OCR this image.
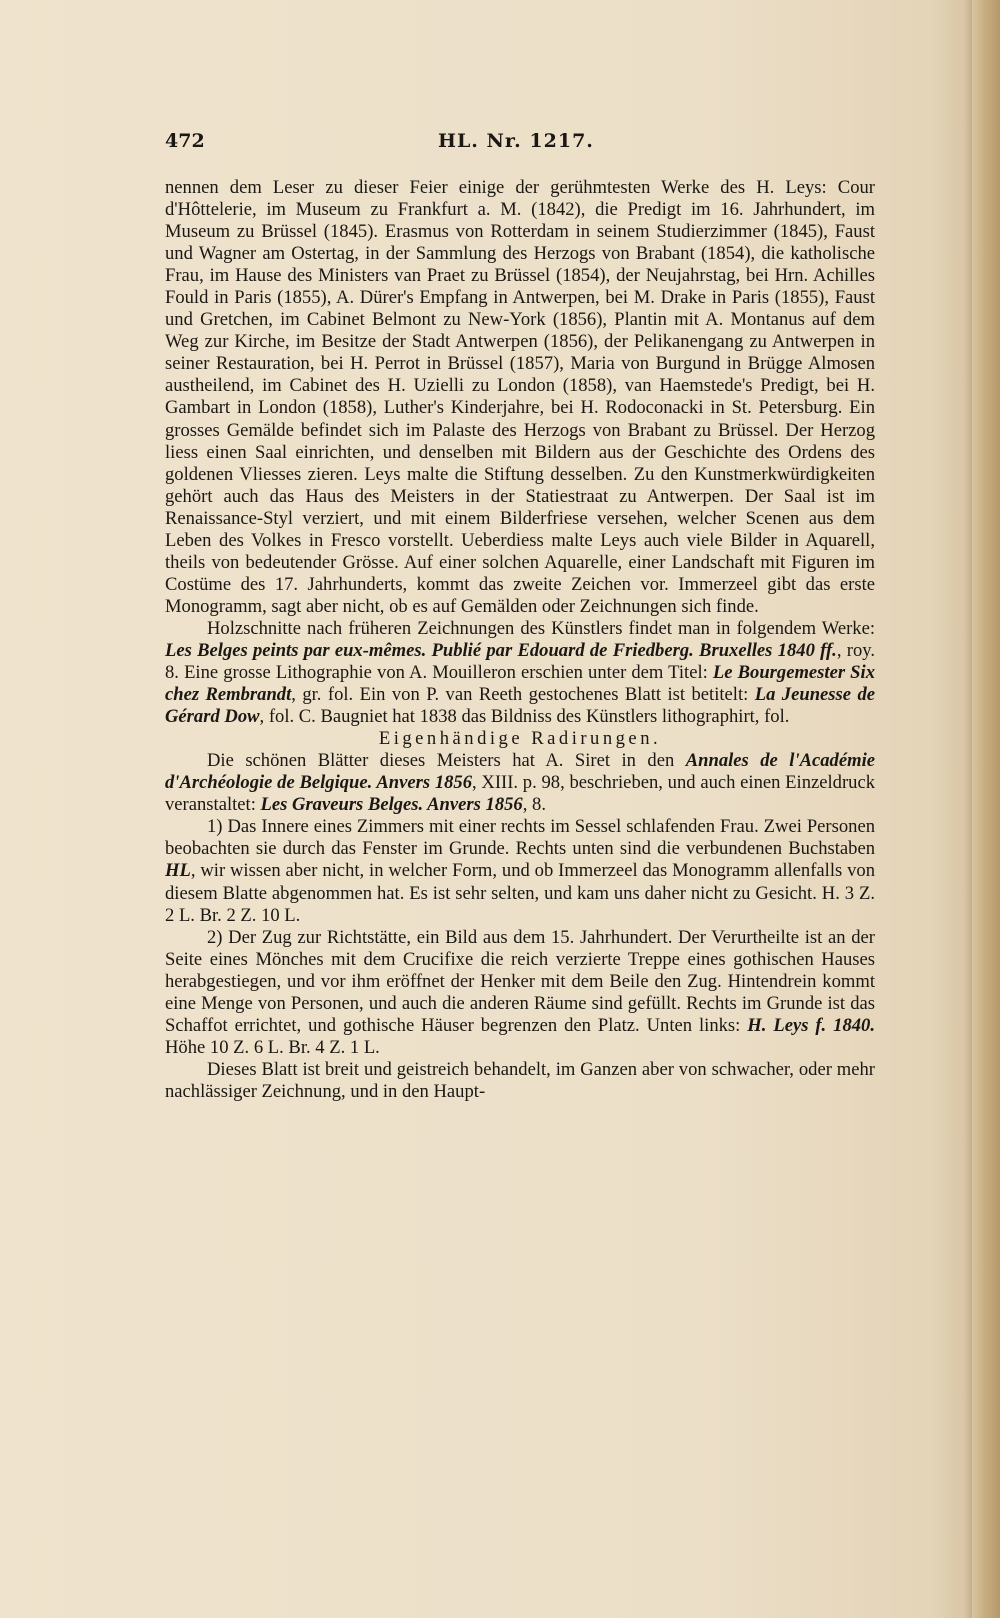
472	HL. Nr. 1217.

nennen dem Leser zu dieser Feier einige der gerühmtesten Werke des H. Leys: Cour d'Hôttelerie, im Museum zu Frankfurt a. M. (1842), die Predigt im 16. Jahrhundert, im Museum zu Brüssel (1845). Erasmus von Rotterdam in seinem Studierzimmer (1845), Faust und Wagner am Ostertag, in der Sammlung des Herzogs von Brabant (1854), die katholische Frau, im Hause des Ministers van Praet zu Brüssel (1854), der Neujahrstag, bei Hrn. Achilles Fould in Paris (1855), A. Dürer's Empfang in Antwerpen, bei M. Drake in Paris (1855), Faust und Gretchen, im Cabinet Belmont zu New-York (1856), Plantin mit A. Montanus auf dem Weg zur Kirche, im Besitze der Stadt Antwerpen (1856), der Pelikanengang zu Antwerpen in seiner Restauration, bei H. Perrot in Brüssel (1857), Maria von Burgund in Brügge Almosen austheilend, im Cabinet des H. Uzielli zu London (1858), van Haemstede's Predigt, bei H. Gambart in London (1858), Luther's Kinderjahre, bei H. Rodoconacki in St. Petersburg. Ein grosses Gemälde befindet sich im Palaste des Herzogs von Brabant zu Brüssel. Der Herzog liess einen Saal einrichten, und denselben mit Bildern aus der Geschichte des Ordens des goldenen Vliesses zieren. Leys malte die Stiftung desselben. Zu den Kunstmerkwürdigkeiten gehört auch das Haus des Meisters in der Statiestraat zu Antwerpen. Der Saal ist im Renaissance-Styl verziert, und mit einem Bilderfriese versehen, welcher Scenen aus dem Leben des Volkes in Fresco vorstellt. Ueberdiess malte Leys auch viele Bilder in Aquarell, theils von bedeutender Grösse. Auf einer solchen Aquarelle, einer Landschaft mit Figuren im Costüme des 17. Jahrhunderts, kommt das zweite Zeichen vor. Immerzeel gibt das erste Monogramm, sagt aber nicht, ob es auf Gemälden oder Zeichnungen sich finde.

Holzschnitte nach früheren Zeichnungen des Künstlers findet man in folgendem Werke: Les Belges peints par eux-mêmes. Publié par Edouard de Friedberg. Bruxelles 1840 ff., roy. 8. Eine grosse Lithographie von A. Mouilleron erschien unter dem Titel: Le Bourgemester Six chez Rembrandt, gr. fol. Ein von P. van Reeth gestochenes Blatt ist betitelt: La Jeunesse de Gérard Dow, fol. C. Baugniet hat 1838 das Bildniss des Künstlers lithographirt, fol.

Eigenhändige Radirungen.

Die schönen Blätter dieses Meisters hat A. Siret in den Annales de l'Académie d'Archéologie de Belgique. Anvers 1856, XIII. p. 98, beschrieben, und auch einen Einzeldruck veranstaltet: Les Graveurs Belges. Anvers 1856, 8.

1) Das Innere eines Zimmers mit einer rechts im Sessel schlafenden Frau. Zwei Personen beobachten sie durch das Fenster im Grunde. Rechts unten sind die verbundenen Buchstaben HL, wir wissen aber nicht, in welcher Form, und ob Immerzeel das Monogramm allenfalls von diesem Blatte abgenommen hat. Es ist sehr selten, und kam uns daher nicht zu Gesicht. H. 3 Z. 2 L. Br. 2 Z. 10 L.

2) Der Zug zur Richtstätte, ein Bild aus dem 15. Jahrhundert. Der Verurtheilte ist an der Seite eines Mönches mit dem Crucifixe die reich verzierte Treppe eines gothischen Hauses herabgestiegen, und vor ihm eröffnet der Henker mit dem Beile den Zug. Hintendrein kommt eine Menge von Personen, und auch die anderen Räume sind gefüllt. Rechts im Grunde ist das Schaffot errichtet, und gothische Häuser begrenzen den Platz. Unten links: H. Leys f. 1840. Höhe 10 Z. 6 L. Br. 4 Z. 1 L.

Dieses Blatt ist breit und geistreich behandelt, im Ganzen aber von schwacher, oder mehr nachlässiger Zeichnung, und in den Haupt-
